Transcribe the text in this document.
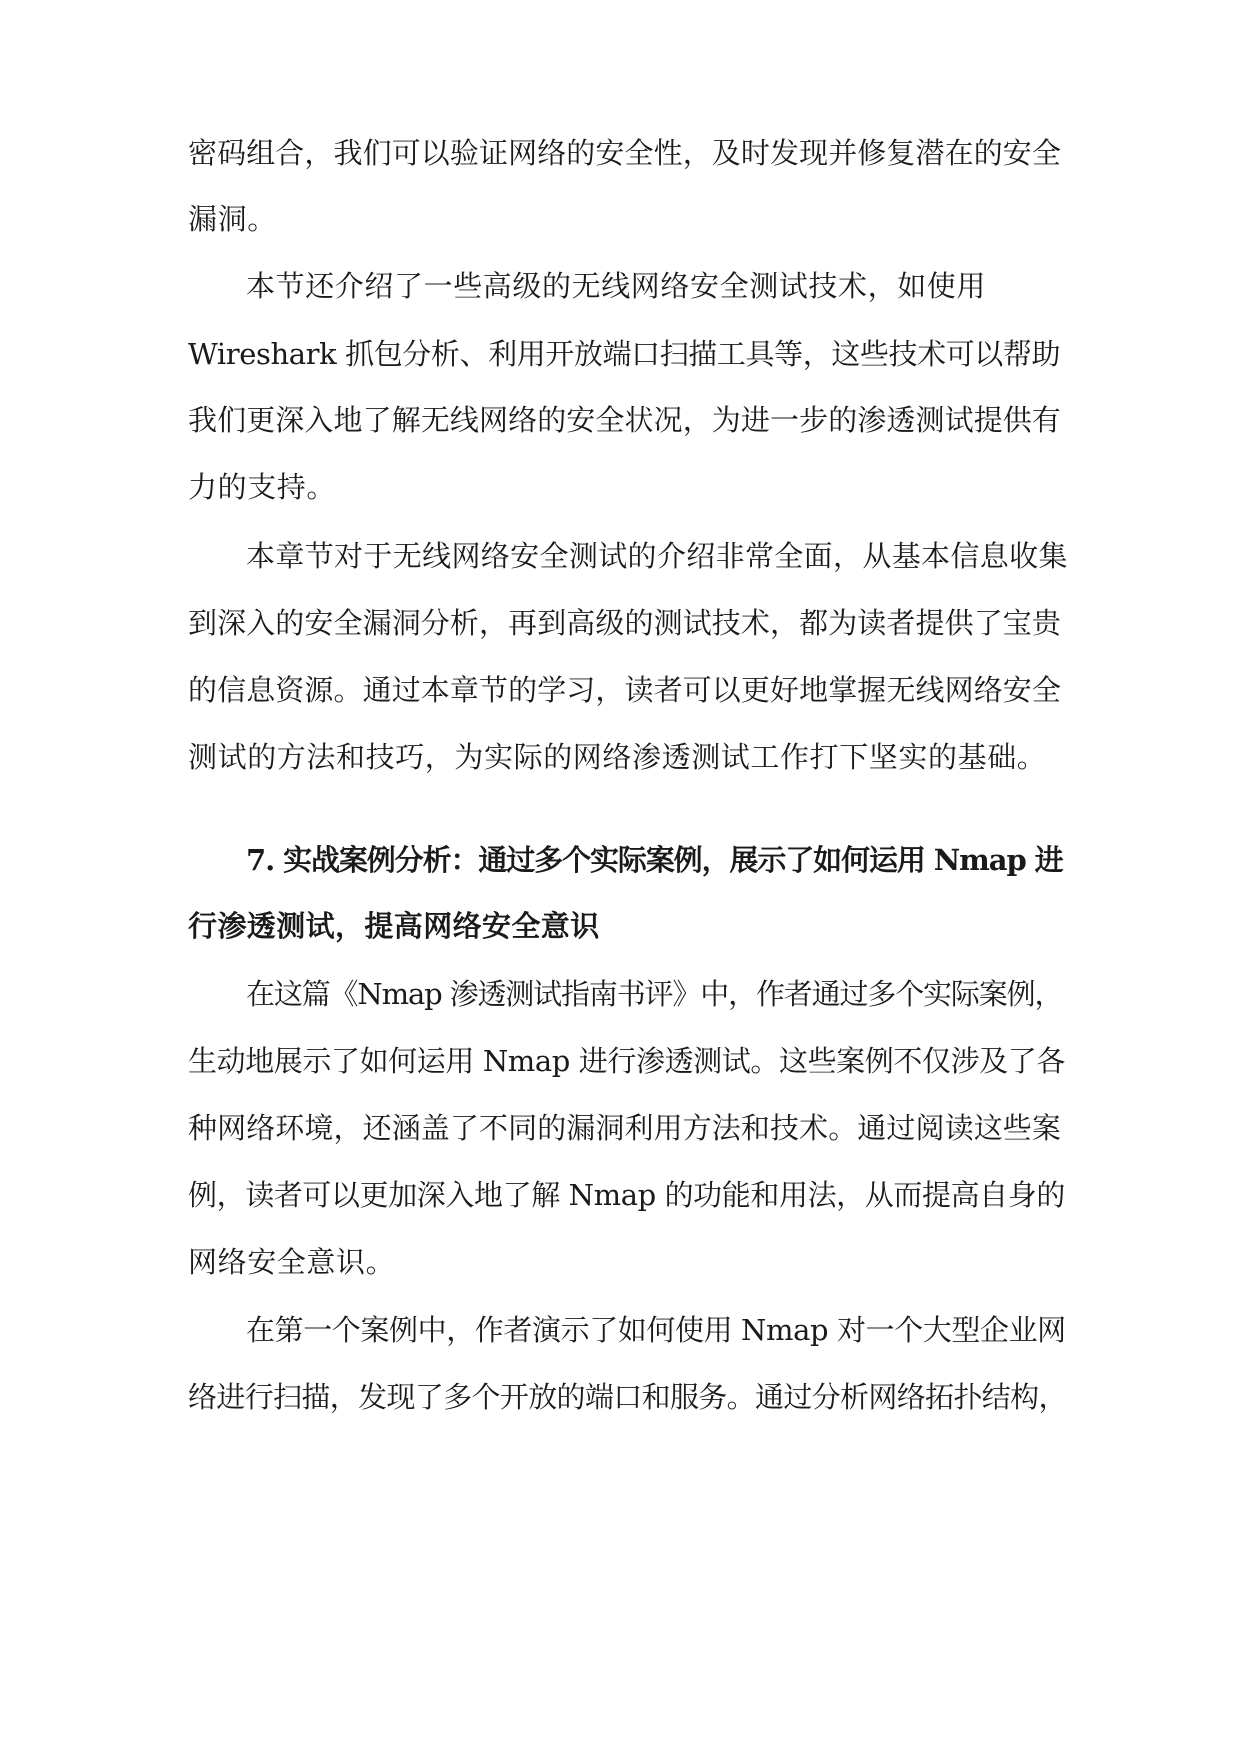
密码组合，我们可以验证网络的安全性，及时发现并修复潜在的安全
漏洞。
本节还介绍了一些高级的无线网络安全测试技术，如使用
Wireshark 抓包分析、利用开放端口扫描工具等，这些技术可以帮助
我们更深入地了解无线网络的安全状况，为进一步的渗透测试提供有
力的支持。
本章节对于无线网络安全测试的介绍非常全面，从基本信息收集
到深入的安全漏洞分析，再到高级的测试技术，都为读者提供了宝贵
的信息资源。通过本章节的学习，读者可以更好地掌握无线网络安全
测试的方法和技巧，为实际的网络渗透测试工作打下坚实的基础。
7. 实战案例分析：通过多个实际案例，展示了如何运用 Nmap 进
行渗透测试，提高网络安全意识
在这篇《Nmap 渗透测试指南书评》中，作者通过多个实际案例，
生动地展示了如何运用 Nmap 进行渗透测试。这些案例不仅涉及了各
种网络环境，还涵盖了不同的漏洞利用方法和技术。通过阅读这些案
例，读者可以更加深入地了解 Nmap 的功能和用法，从而提高自身的
网络安全意识。
在第一个案例中，作者演示了如何使用 Nmap 对一个大型企业网
络进行扫描，发现了多个开放的端口和服务。通过分析网络拓扑结构，
